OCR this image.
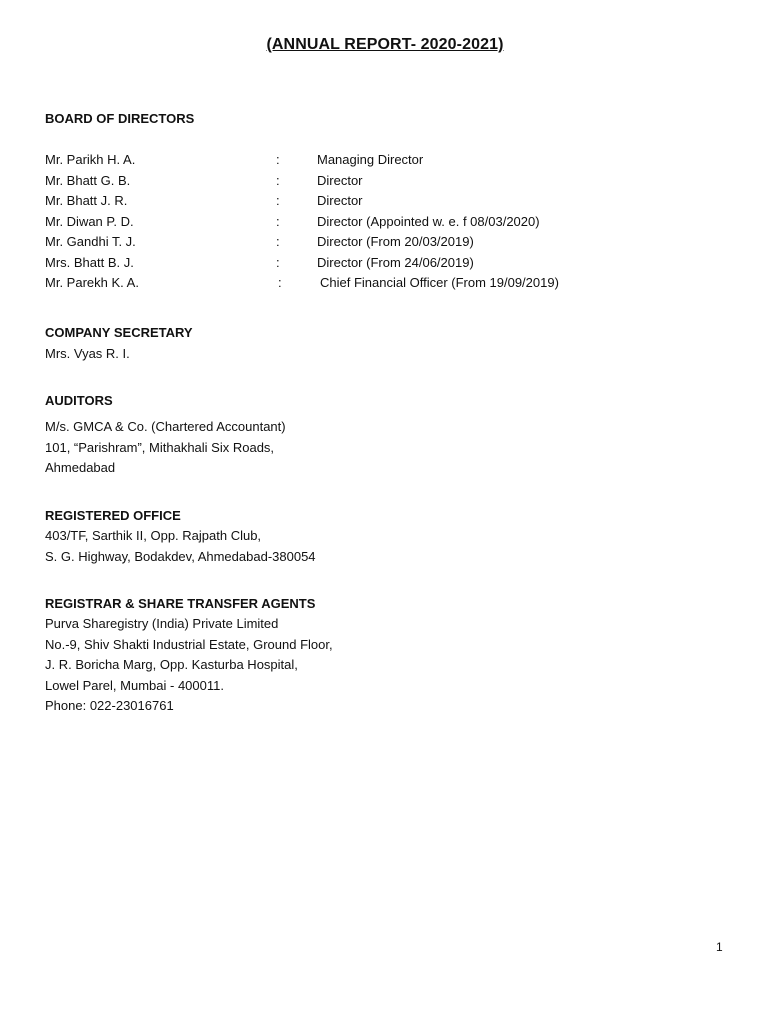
(ANNUAL REPORT- 2020-2021)
BOARD OF DIRECTORS
Mr. Parikh H. A.	:	Managing Director
Mr. Bhatt G. B.	:	Director
Mr. Bhatt J. R.	:	Director
Mr. Diwan P. D.	:	Director (Appointed w. e. f 08/03/2020)
Mr. Gandhi T. J.	:	Director (From 20/03/2019)
Mrs. Bhatt B. J.	:	Director (From 24/06/2019)
Mr. Parekh K. A.	:	Chief Financial Officer (From 19/09/2019)
COMPANY SECRETARY
Mrs. Vyas R. I.
AUDITORS
M/s. GMCA & Co. (Chartered Accountant)
101, “Parishram”, Mithakhali Six Roads,
Ahmedabad
REGISTERED OFFICE
403/TF, Sarthik II, Opp. Rajpath Club,
S. G. Highway, Bodakdev, Ahmedabad-380054
REGISTRAR & SHARE TRANSFER AGENTS
Purva Sharegistry (India) Private Limited
No.-9, Shiv Shakti Industrial Estate, Ground Floor,
J. R. Boricha Marg, Opp. Kasturba Hospital,
Lowel Parel, Mumbai - 400011.
Phone: 022-23016761
1
